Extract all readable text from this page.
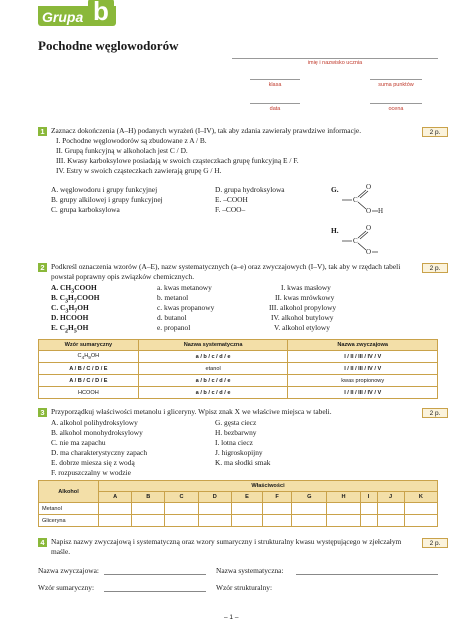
Grupa b
Pochodne węglowodorów
imię i nazwisko ucznia
klasa	suma punktów
data	ocena
1 Zaznacz dokończenia (A–H) podanych wyrażeń (I–IV), tak aby zdania zawierały prawdziwe informacje.	2 p.
I. Pochodne węglowodorów są zbudowane z A / B.
II. Grupą funkcyjną w alkoholach jest C / D.
III. Kwasy karboksylowe posiadają w swoich cząsteczkach grupę funkcyjną E / F.
IV. Estry w swoich cząsteczkach zawierają grupę G / H.
A. węglowodoru i grupy funkcyjnej
B. grupy alkilowej i grupy funkcyjnej
C. grupa karboksylowa
D. grupa hydroksylowa
E. –COOH
F. –COO–
G.	O
C
O H
H.	O
C
O
2 Podkreśl oznaczenia wzorów (A–E), nazw systematycznych (a–e) oraz zwyczajowych (I–V), tak aby w rzędach tabeli powstał poprawny opis związków chemicznych.
2 p.
A. $CH_3COOH$
B. $C_3H_7COOH$
C. $C_3H_7OH$
D. HCOOH
E. $C_2H_5OH$
a. kwas metanowy
b. metanol
c. kwas propanowy
d. butanol
e. propanol
I. kwas masłowy
II. kwas mrówkowy
III. alkohol propylowy
IV. alkohol butylowy
V. alkohol etylowy
Wzór sumaryczny	Nazwa systematyczna	Nazwa zwyczajowa
$C_4H_9OH$	a / b / c / d / e	I / II / III / IV / V
A / B / C / D / E	etanol	I / II / III / IV / V
A / B / C / D / E	a / b / c / d / e	kwas propionowy
HCOOH	a / b / c / d / e	I / II / III / IV / V
3 Przyporządkuj właściwości metanolu i gliceryny. Wpisz znak X we właściwe miejsca w tabeli.	2 p.
A. alkohol polihydroksylowy
B. alkohol monohydroksylowy
C. nie ma zapachu
D. ma charakterystyczny zapach
E. dobrze miesza się z wodą
F. rozpuszczalny w wodzie
G. gęsta ciecz
H. bezbarwny
I. lotna ciecz
J. higroskopijny
K. ma słodki smak
Alkohol	Właściwości										
	A	B	C	D	E	F	G	H	I	J	K
Metanol											
Gliceryna											
4 Napisz nazwy zwyczajową i systematyczną oraz wzory sumaryczny i strukturalny kwasu występującego w zjełczałym maśle.
2 p.
Nazwa zwyczajowa:	Nazwa systematyczna:
Wzór sumaryczny:	Wzór strukturalny:
– 1 –
